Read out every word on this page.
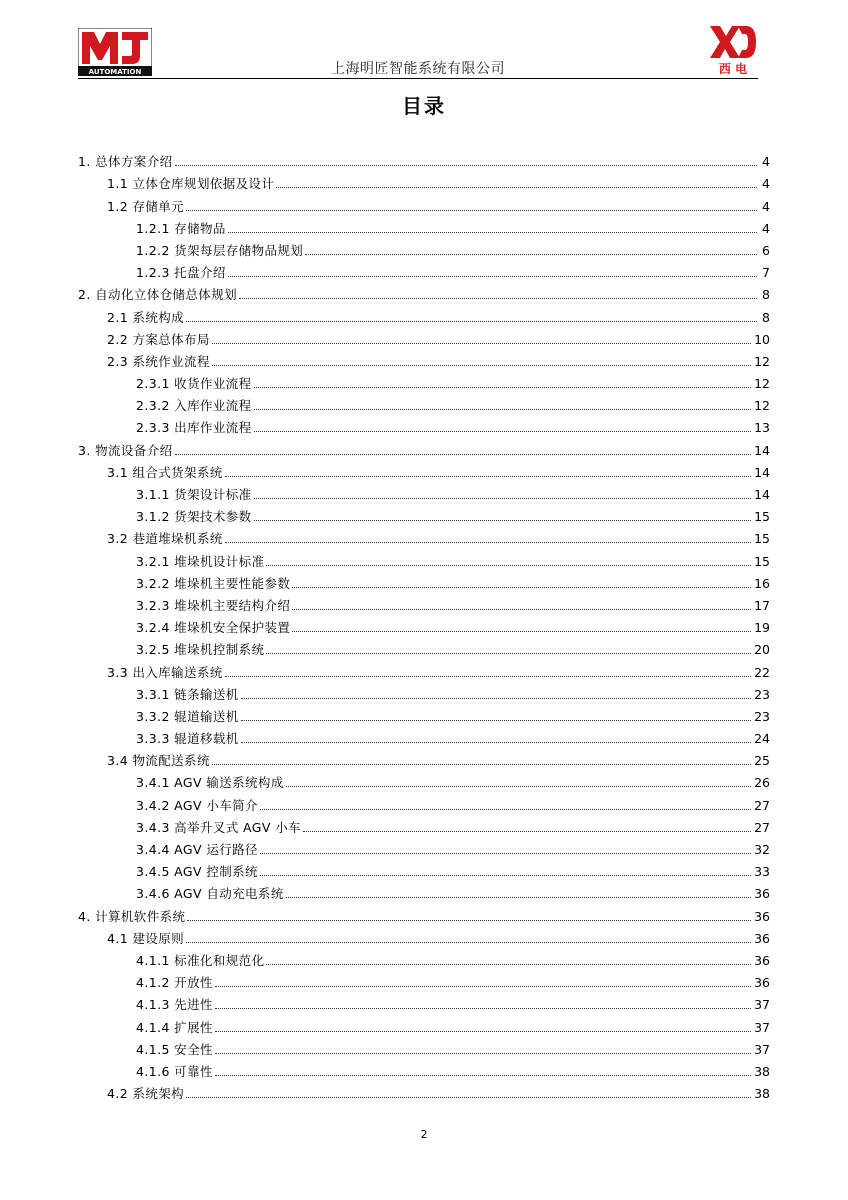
AUTOMATION	西 电
上海明匠智能系统有限公司
目录
1. 总体方案介绍	4
1.1 立体仓库规划依据及设计	4
1.2 存储单元	4
1.2.1 存储物品	4
1.2.2 货架每层存储物品规划	6
1.2.3 托盘介绍	7
2. 自动化立体仓储总体规划	8
2.1 系统构成	8
2.2 方案总体布局	10
2.3 系统作业流程	12
2.3.1 收货作业流程	12
2.3.2 入库作业流程	12
2.3.3 出库作业流程	13
3. 物流设备介绍	14
3.1 组合式货架系统	14
3.1.1 货架设计标准	14
3.1.2 货架技术参数	15
3.2 巷道堆垛机系统	15
3.2.1 堆垛机设计标准	15
3.2.2 堆垛机主要性能参数	16
3.2.3 堆垛机主要结构介绍	17
3.2.4 堆垛机安全保护装置	19
3.2.5 堆垛机控制系统	20
3.3 出入库输送系统	22
3.3.1 链条输送机	23
3.3.2 辊道输送机	23
3.3.3 辊道移载机	24
3.4 物流配送系统	25
3.4.1 AGV 输送系统构成	26
3.4.2 AGV 小车简介	27
3.4.3 高举升叉式 AGV 小车	27
3.4.4 AGV 运行路径	32
3.4.5 AGV 控制系统	33
3.4.6 AGV 自动充电系统	36
4. 计算机软件系统	36
4.1 建设原则	36
4.1.1 标准化和规范化	36
4.1.2 开放性	36
4.1.3 先进性	37
4.1.4 扩展性	37
4.1.5 安全性	37
4.1.6 可靠性	38
4.2 系统架构	38
2
